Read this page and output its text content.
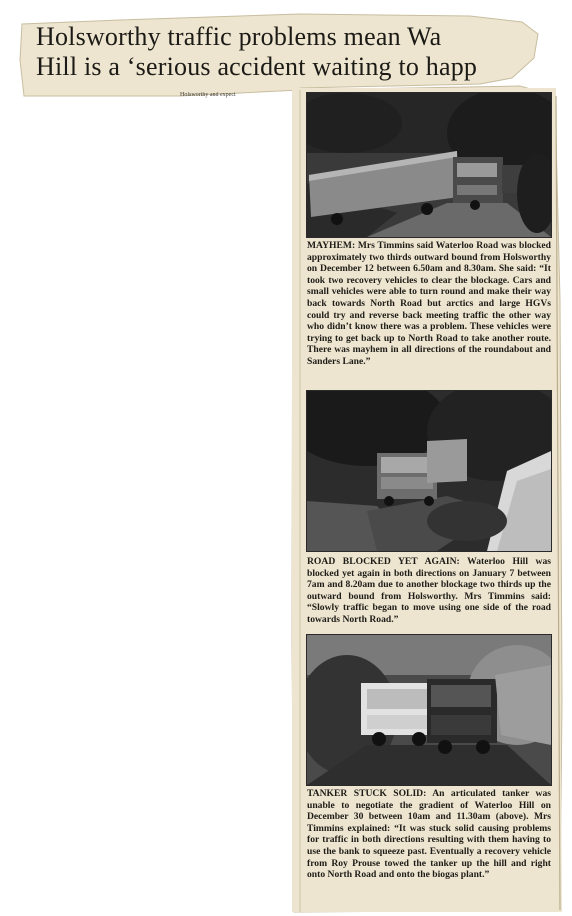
Holsworthy traffic problems mean Wa
Hill is a ‘serious accident waiting to happ
Holsworthy and expect
MAYHEM: Mrs Timmins said Waterloo Road was blocked approximately two thirds outward bound from Holsworthy on December 12 between 6.50am and 8.30am. She said: “It took two recovery vehicles to clear the blockage. Cars and small vehicles were able to turn round and make their way back towards North Road but arctics and large HGVs could try and reverse back meeting traffic the other way who didn’t know there was a problem. These vehicles were trying to get back up to North Road to take another route. There was mayhem in all directions of the roundabout and Sanders Lane.”
ROAD BLOCKED YET AGAIN: Waterloo Hill was blocked yet again in both directions on January 7 between 7am and 8.20am due to another blockage two thirds up the outward bound from Holsworthy. Mrs Timmins said: “Slowly traffic began to move using one side of the road towards North Road.”
TANKER STUCK SOLID: An articulated tanker was unable to negotiate the gradient of Waterloo Hill on December 30 between 10am and 11.30am (above). Mrs Timmins explained: “It was stuck solid causing problems for traffic in both directions resulting with them having to use the bank to squeeze past. Eventually a recovery vehicle from Roy Prouse towed the tanker up the hill and right onto North Road and onto the biogas plant.”
